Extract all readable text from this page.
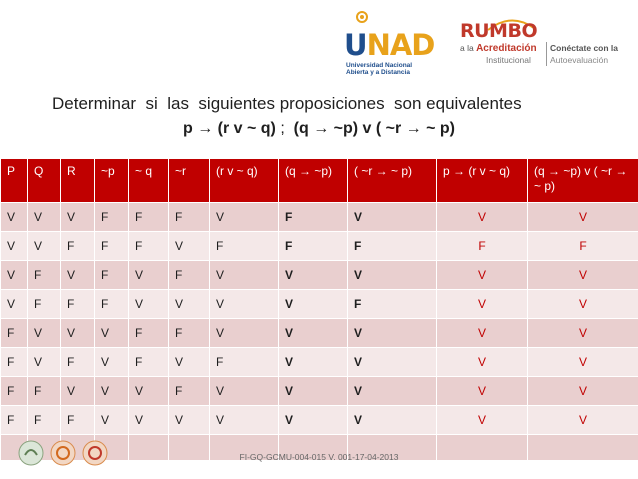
UNAD
Universidad Nacional
Abierta y a Distancia
RUMBO
a la Acreditación
Institucional
Conéctate con la
Autoevaluación
Determinar  si  las  siguientes proposiciones  son equivalentes
p → (r v ~ q) ;  (q → ~p) v ( ~r → ~ p)
P	Q	R	~p	~ q	~r	(r v ~ q)	(q → ~p)	( ~r → ~ p)	p → (r v ~ q)	(q → ~p) v ( ~r → ~ p)
V	V	V	F	F	F	V	F	V	V	V
V	V	F	F	F	V	F	F	F	F	F
V	F	V	F	V	F	V	V	V	V	V
V	F	F	F	V	V	V	V	F	V	V
F	V	V	V	F	F	V	V	V	V	V
F	V	F	V	F	V	F	V	V	V	V
F	F	V	V	V	F	V	V	V	V	V
F	F	F	V	V	V	V	V	V	V	V

FI-GQ-GCMU-004-015 V. 001-17-04-2013
